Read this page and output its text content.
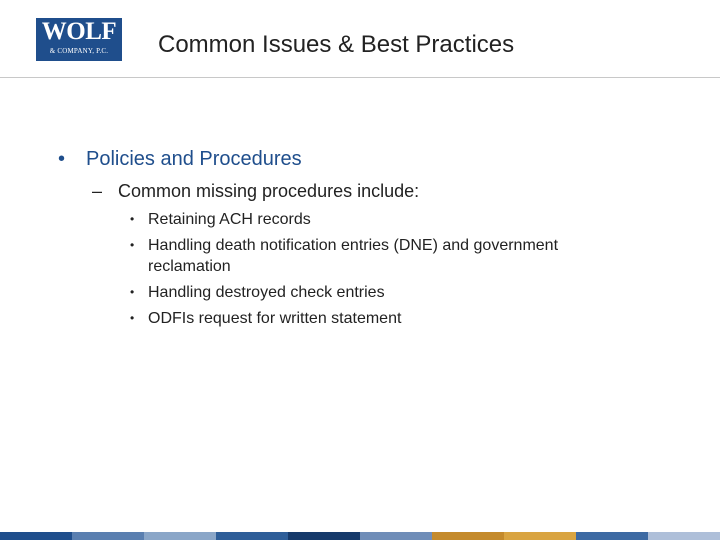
WOLF
& COMPANY, P.C.	Common Issues & Best Practices
• Policies and Procedures
– Common missing procedures include:
• Retaining ACH records
• Handling death notification entries (DNE) and government reclamation
• Handling destroyed check entries
• ODFIs request for written statement
